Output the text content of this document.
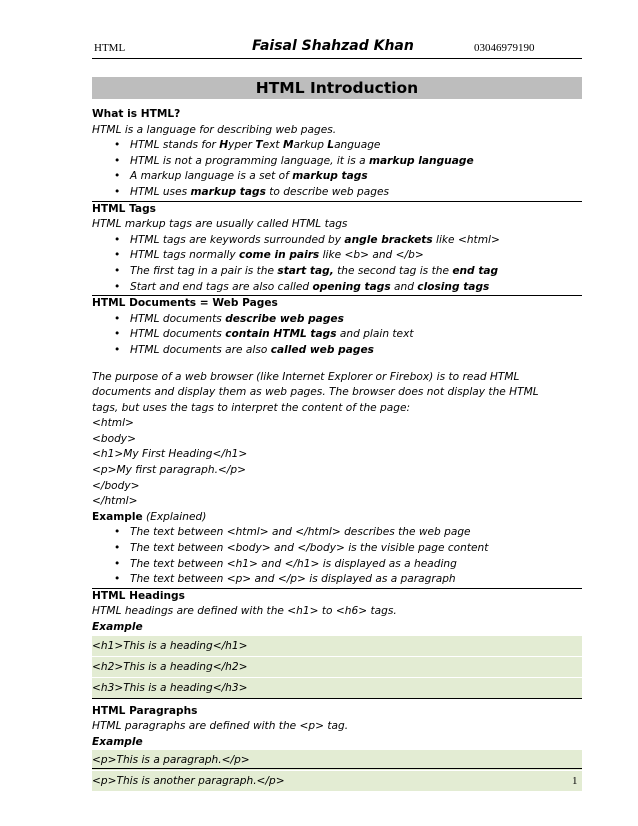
HTML	Faisal Shahzad Khan	03046979190
HTML Introduction
What is HTML?
HTML is a language for describing web pages.
• HTML stands for Hyper Text Markup Language
• HTML is not a programming language, it is a markup language
• A markup language is a set of markup tags
• HTML uses markup tags to describe web pages
HTML Tags
HTML markup tags are usually called HTML tags
• HTML tags are keywords surrounded by angle brackets like <html>
• HTML tags normally come in pairs like <b> and </b>
• The first tag in a pair is the start tag, the second tag is the end tag
• Start and end tags are also called opening tags and closing tags
HTML Documents = Web Pages
• HTML documents describe web pages
• HTML documents contain HTML tags and plain text
• HTML documents are also called web pages
The purpose of a web browser (like Internet Explorer or Firebox) is to read HTML
documents and display them as web pages. The browser does not display the HTML
tags, but uses the tags to interpret the content of the page:
<html>
<body>
<h1>My First Heading</h1>
<p>My first paragraph.</p>
</body>
</html>
Example (Explained)
• The text between <html> and </html> describes the web page
• The text between <body> and </body> is the visible page content
• The text between <h1> and </h1> is displayed as a heading
• The text between <p> and </p> is displayed as a paragraph
HTML Headings
HTML headings are defined with the <h1> to <h6> tags.
Example
<h1>This is a heading</h1>
<h2>This is a heading</h2>
<h3>This is a heading</h3>
HTML Paragraphs
HTML paragraphs are defined with the <p> tag.
Example
<p>This is a paragraph.</p>
<p>This is another paragraph.</p>	1
